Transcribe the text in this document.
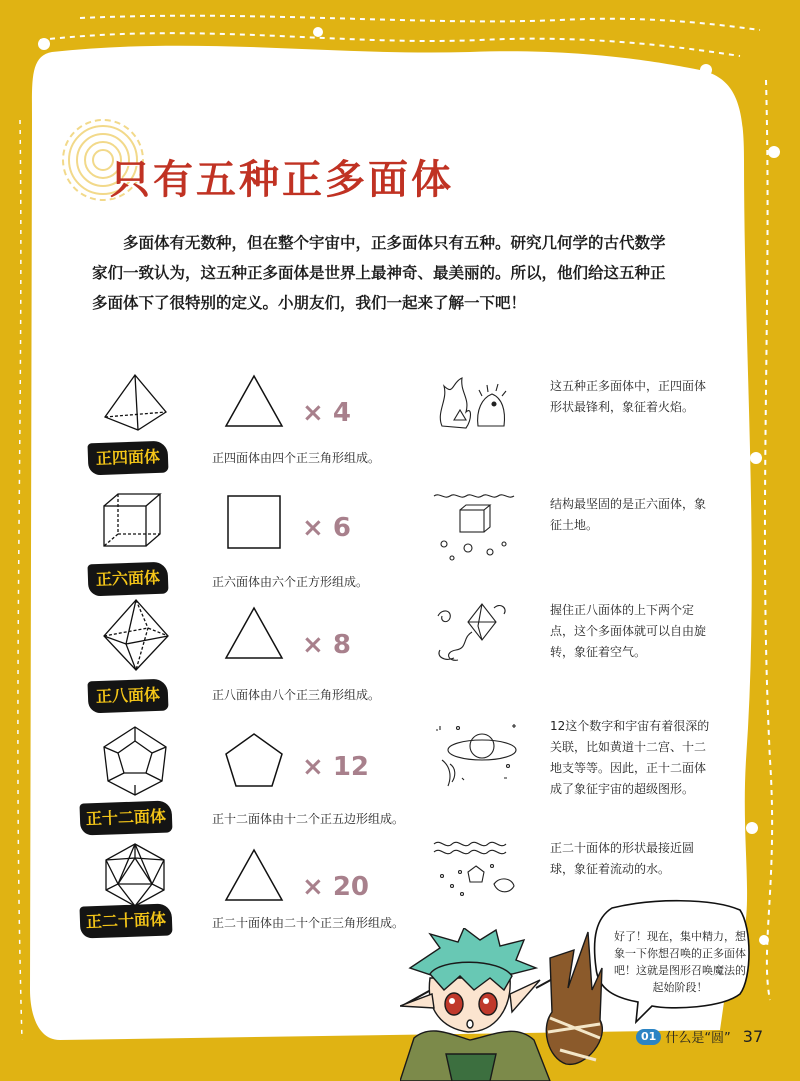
只有五种正多面体
多面体有无数种，但在整个宇宙中，正多面体只有五种。研究几何学的古代数学家们一致认为，这五种正多面体是世界上最神奇、最美丽的。所以，他们给这五种正多面体下了很特别的定义。小朋友们，我们一起来了解一下吧！
× 4
正四面体	正四面体由四个正三角形组成。
这五种正多面体中，正四面体形状最锋利，象征着火焰。
× 6
正六面体	正六面体由六个正方形组成。
结构最坚固的是正六面体，象征土地。
× 8
正八面体	正八面体由八个正三角形组成。
握住正八面体的上下两个定点，这个多面体就可以自由旋转，象征着空气。
× 12
正十二面体	正十二面体由十二个正五边形组成。
12这个数字和宇宙有着很深的关联，比如黄道十二宫、十二地支等等。因此，正十二面体成了象征宇宙的超级图形。
× 20
正二十面体	正二十面体由二十个正三角形组成。
正二十面体的形状最接近圆球，象征着流动的水。
好了！现在，集中精力，想象一下你想召唤的正多面体吧！这就是图形召唤魔法的起始阶段！
01 什么是“圆” 37
